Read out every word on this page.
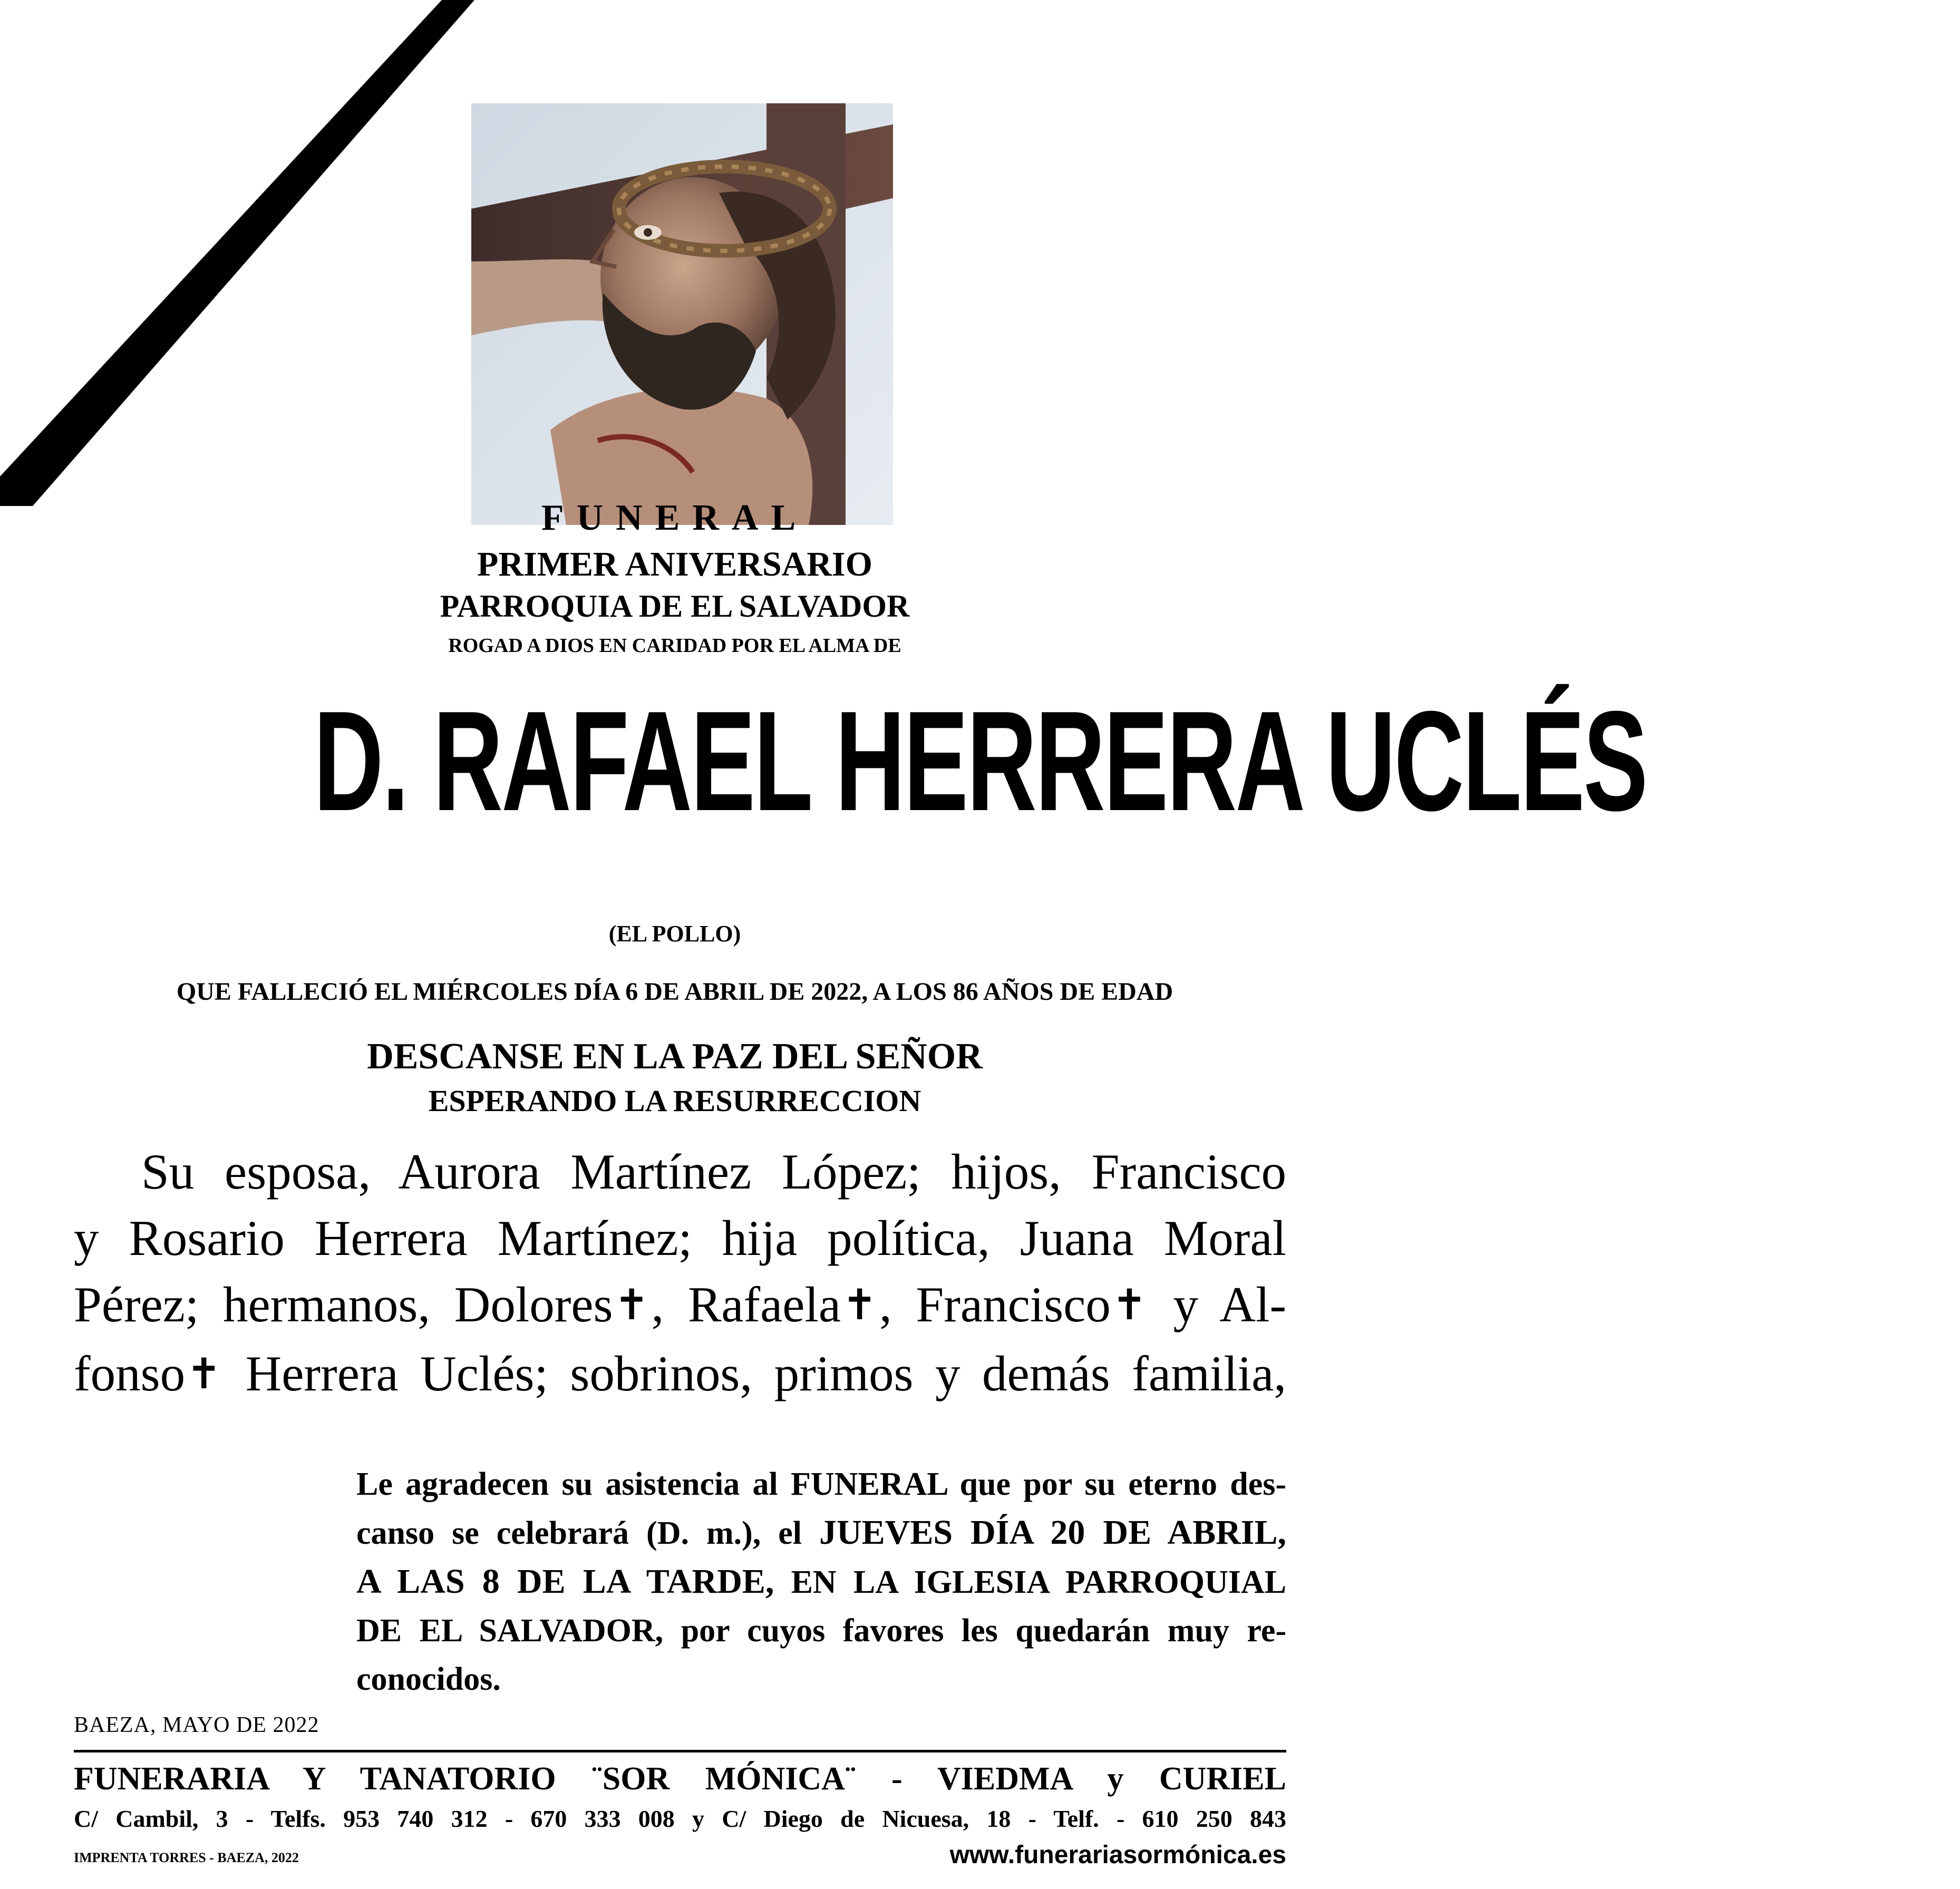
FUNERAL
PRIMER ANIVERSARIO
PARROQUIA DE EL SALVADOR
ROGAD A DIOS EN CARIDAD POR EL ALMA DE
D. RAFAEL HERRERA UCLÉS
(EL POLLO)
QUE FALLECIÓ EL MIÉRCOLES DÍA 6 DE ABRIL DE 2022, A LOS 86 AÑOS DE EDAD
DESCANSE EN LA PAZ DEL SEÑOR
ESPERANDO LA RESURRECCION
Su esposa, Aurora Martínez López; hijos, Francisco
y Rosario Herrera Martínez; hija política, Juana Moral
Pérez; hermanos, Dolores✝, Rafaela✝, Francisco✝ y Al-
fonso✝ Herrera Uclés; sobrinos, primos y demás familia,
Le agradecen su asistencia al FUNERAL que por su eterno des-
canso se celebrará (D. m.), el JUEVES DÍA 20 DE ABRIL,
A LAS 8 DE LA TARDE, EN LA IGLESIA PARROQUIAL
DE EL SALVADOR, por cuyos favores les quedarán muy re-
conocidos.
BAEZA, MAYO DE 2022
FUNERARIA Y TANATORIO ¨SOR MÓNICA¨ - VIEDMA y CURIEL
C/ Cambil, 3 - Telfs. 953 740 312 - 670 333 008 y C/ Diego de Nicuesa, 18 - Telf. - 610 250 843
IMPRENTA TORRES - BAEZA, 2022	www.funerariasormónica.es
